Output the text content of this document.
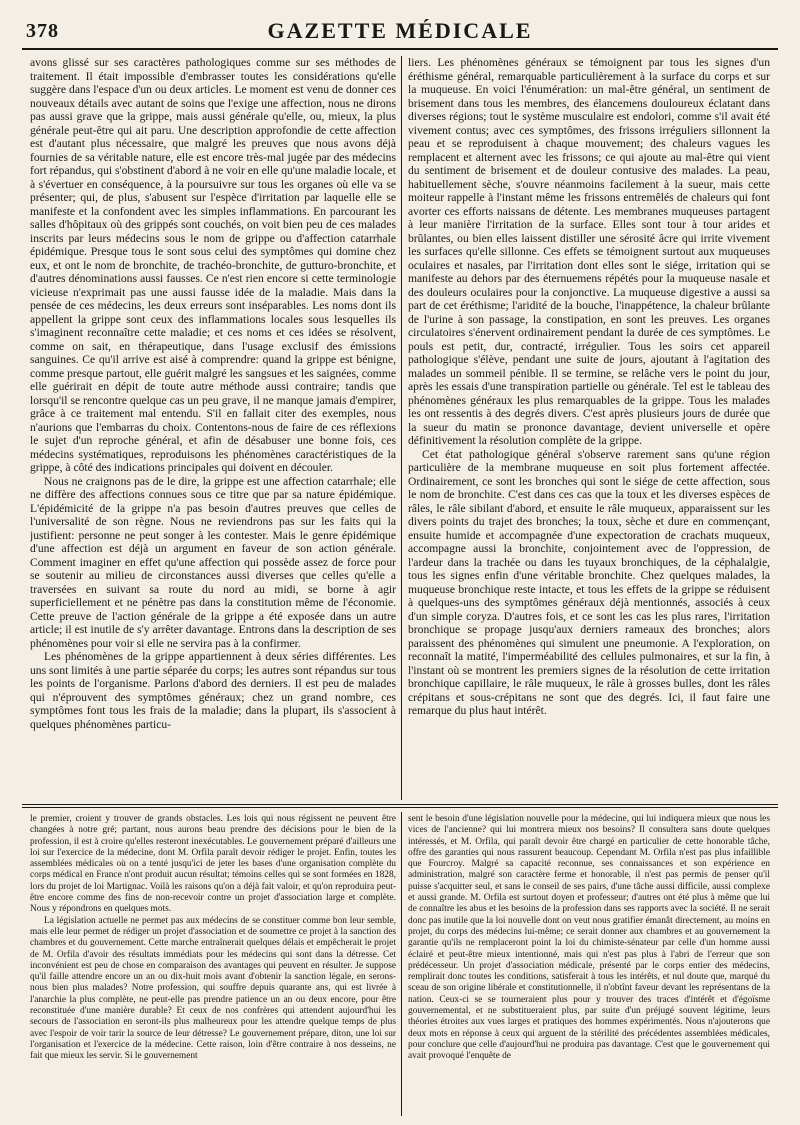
378	GAZETTE MÉDICALE

avons glissé sur ses caractères pathologiques comme sur ses méthodes de traitement. Il était impossible d'embrasser toutes les considérations qu'elle suggère dans l'espace d'un ou deux articles. Le moment est venu de donner ces nouveaux détails avec autant de soins que l'exige une affection, nous ne dirons pas aussi grave que la grippe, mais aussi générale qu'elle, ou, mieux, la plus générale peut-être qui ait paru. Une description approfondie de cette affection est d'autant plus nécessaire, que malgré les preuves que nous avons déjà fournies de sa véritable nature, elle est encore très-mal jugée par des médecins fort répandus, qui s'obstinent d'abord à ne voir en elle qu'une maladie locale, et à s'évertuer en conséquence, à la poursuivre sur tous les organes où elle va se présenter; qui, de plus, s'abusent sur l'espèce d'irritation par laquelle elle se manifeste et la confondent avec les simples inflammations. En parcourant les salles d'hôpitaux où des grippés sont couchés, on voit bien peu de ces malades inscrits par leurs médecins sous le nom de grippe ou d'affection catarrhale épidémique. Presque tous le sont sous celui des symptômes qui domine chez eux, et ont le nom de bronchite, de trachéo-bronchite, de gutturo-bronchite, et d'autres dénominations aussi fausses. Ce n'est rien encore si cette terminologie vicieuse n'exprimait pas une aussi fausse idée de la maladie. Mais dans la pensée de ces médecins, les deux erreurs sont inséparables. Les noms dont ils appellent la grippe sont ceux des inflammations locales sous lesquelles ils s'imaginent reconnaître cette maladie; et ces noms et ces idées se résolvent, comme on sait, en thérapeutique, dans l'usage exclusif des émissions sanguines. Ce qu'il arrive est aisé à comprendre: quand la grippe est bénigne, comme presque partout, elle guérit malgré les sangsues et les saignées, comme elle guérirait en dépit de toute autre méthode aussi contraire; tandis que lorsqu'il se rencontre quelque cas un peu grave, il ne manque jamais d'empirer, grâce à ce traitement mal entendu. S'il en fallait citer des exemples, nous n'aurions que l'embarras du choix. Contentons-nous de faire de ces réflexions le sujet d'un reproche général, et afin de désabuser une bonne fois, ces médecins systématiques, reproduisons les phénomènes caractéristiques de la grippe, à côté des indications principales qui doivent en découler.

Nous ne craignons pas de le dire, la grippe est une affection catarrhale; elle ne diffère des affections connues sous ce titre que par sa nature épidémique. L'épidémicité de la grippe n'a pas besoin d'autres preuves que celles de l'universalité de son règne. Nous ne reviendrons pas sur les faits qui la justifient: personne ne peut songer à les contester. Mais le genre épidémique d'une affection est déjà un argument en faveur de son action générale. Comment imaginer en effet qu'une affection qui possède assez de force pour se soutenir au milieu de circonstances aussi diverses que celles qu'elle a traversées en suivant sa route du nord au midi, se borne à agir superficiellement et ne pénètre pas dans la constitution même de l'économie. Cette preuve de l'action générale de la grippe a été exposée dans un autre article; il est inutile de s'y arrêter davantage. Entrons dans la description de ses phénomènes pour voir si elle ne servira pas à la confirmer.

Les phénomènes de la grippe appartiennent à deux séries différentes. Les uns sont limités à une partie séparée du corps; les autres sont répandus sur tous les points de l'organisme. Parlons d'abord des derniers. Il est peu de malades qui n'éprouvent des symptômes généraux; chez un grand nombre, ces symptômes font tous les frais de la maladie; dans la plupart, ils s'associent à quelques phénomènes particu-

liers. Les phénomènes généraux se témoignent par tous les signes d'un éréthisme général, remarquable particulièrement à la surface du corps et sur la muqueuse. En voici l'énumération: un mal-être général, un sentiment de brisement dans tous les membres, des élancemens douloureux éclatant dans diverses régions; tout le système musculaire est endolori, comme s'il avait été vivement contus; avec ces symptômes, des frissons irréguliers sillonnent la peau et se reproduisent à chaque mouvement; des chaleurs vagues les remplacent et alternent avec les frissons; ce qui ajoute au mal-être qui vient du sentiment de brisement et de douleur contusive des malades. La peau, habituellement sèche, s'ouvre néanmoins facilement à la sueur, mais cette moiteur rappelle à l'instant même les frissons entremêlés de chaleurs qui font avorter ces efforts naissans de détente. Les membranes muqueuses partagent à leur manière l'irritation de la surface. Elles sont tour à tour arides et brûlantes, ou bien elles laissent distiller une sérosité âcre qui irrite vivement les surfaces qu'elle sillonne. Ces effets se témoignent surtout aux muqueuses oculaires et nasales, par l'irritation dont elles sont le siége, irritation qui se manifeste au dehors par des éternuemens répétés pour la muqueuse nasale et des douleurs oculaires pour la conjonctive. La muqueuse digestive a aussi sa part de cet éréthisme; l'aridité de la bouche, l'inappétence, la chaleur brûlante de l'urine à son passage, la constipation, en sont les preuves. Les organes circulatoires s'énervent ordinairement pendant la durée de ces symptômes. Le pouls est petit, dur, contracté, irrégulier. Tous les soirs cet appareil pathologique s'élève, pendant une suite de jours, ajoutant à l'agitation des malades un sommeil pénible. Il se termine, se relâche vers le point du jour, après les essais d'une transpiration partielle ou générale. Tel est le tableau des phénomènes généraux les plus remarquables de la grippe. Tous les malades les ont ressentis à des degrés divers. C'est après plusieurs jours de durée que la sueur du matin se prononce davantage, devient universelle et opère définitivement la résolution complète de la grippe.

Cet état pathologique général s'observe rarement sans qu'une région particulière de la membrane muqueuse en soit plus fortement affectée. Ordinairement, ce sont les bronches qui sont le siége de cette affection, sous le nom de bronchite. C'est dans ces cas que la toux et les diverses espèces de râles, le râle sibilant d'abord, et ensuite le râle muqueux, apparaissent sur les divers points du trajet des bronches; la toux, sèche et dure en commençant, ensuite humide et accompagnée d'une expectoration de crachats muqueux, accompagne aussi la bronchite, conjointement avec de l'oppression, de l'ardeur dans la trachée ou dans les tuyaux bronchiques, de la céphalalgie, tous les signes enfin d'une véritable bronchite. Chez quelques malades, la muqueuse bronchique reste intacte, et tous les effets de la grippe se réduisent à quelques-uns des symptômes généraux déjà mentionnés, associés à ceux d'un simple coryza. D'autres fois, et ce sont les cas les plus rares, l'irritation bronchique se propage jusqu'aux derniers rameaux des bronches; alors paraissent des phénomènes qui simulent une pneumonie. A l'exploration, on reconnaît la matité, l'imperméabilité des cellules pulmonaires, et sur la fin, à l'instant où se montrent les premiers signes de la résolution de cette irritation bronchique capillaire, le râle muqueux, le râle à grosses bulles, dont les râles crépitans et sous-crépitans ne sont que des degrés. Ici, il faut faire une remarque du plus haut intérêt.

le premier, croient y trouver de grands obstacles. Les lois qui nous régissent ne peuvent être changées à notre gré; partant, nous aurons beau prendre des décisions pour le bien de la profession, il est à croire qu'elles resteront inexécutables. Le gouvernement préparé d'ailleurs une loi sur l'exercice de la médecine, dont M. Orfila paraît devoir rédiger le projet. Enfin, toutes les assemblées médicales où on a tenté jusqu'ici de jeter les bases d'une organisation complète du corps médical en France n'ont produit aucun résultat; témoins celles qui se sont formées en 1828, lors du projet de loi Martignac. Voilà les raisons qu'on a déjà fait valoir, et qu'on reproduira peut-être encore comme des fins de non-recevoir contre un projet d'association large et complète. Nous y répondrons en quelques mots.

La législation actuelle ne permet pas aux médecins de se constituer comme bon leur semble, mais elle leur permet de rédiger un projet d'association et de soumettre ce projet à la sanction des chambres et du gouvernement. Cette marche entraînerait quelques délais et empêcherait le projet de M. Orfila d'avoir des résultats immédiats pour les médecins qui sont dans la détresse. Cet inconvénient est peu de chose en comparaison des avantages qui peuvent en résulter. Je suppose qu'il faille attendre encore un an ou dix-huit mois avant d'obtenir la sanction légale, en serons-nous bien plus malades? Notre profession, qui souffre depuis quarante ans, qui est livrée à l'anarchie la plus complète, ne peut-elle pas prendre patience un an ou deux encore, pour être reconstituée d'une manière durable? Et ceux de nos confrères qui attendent aujourd'hui les secours de l'association en seront-ils plus malheureux pour les attendre quelque temps de plus avec l'espoir de voir tarir la source de leur détresse? Le gouvernement prépare, diton, une loi sur l'organisation et l'exercice de la médecine. Cette raison, loin d'être contraire à nos desseins, ne fait que mieux les servir. Si le gouvernement

sent le besoin d'une législation nouvelle pour la médecine, qui lui indiquera mieux que nous les vices de l'ancienne? qui lui montrera mieux nos besoins? Il consultera sans doute quelques intéressés, et M. Orfila, qui paraît devoir être chargé en particulier de cette honorable tâche, offre des garanties qui nous rassurent beaucoup. Cependant M. Orfila n'est pas plus infaillible que Fourcroy. Malgré sa capacité reconnue, ses connaissances et son expérience en administration, malgré son caractère ferme et honorable, il n'est pas permis de penser qu'il puisse s'acquitter seul, et sans le conseil de ses pairs, d'une tâche aussi difficile, aussi complexe et aussi grande. M. Orfila est surtout doyen et professeur; d'autres ont été plus à même que lui de connaître les abus et les besoins de la profession dans ses rapports avec la société. Il ne serait donc pas inutile que la loi nouvelle dont on veut nous gratifier émanât directement, au moins en projet, du corps des médecins lui-même; ce serait donner aux chambres et au gouvernement la garantie qu'ils ne remplaceront point la loi du chimiste-sénateur par celle d'un homme aussi éclairé et peut-être mieux intentionné, mais qui n'est pas plus à l'abri de l'erreur que son prédécesseur. Un projet d'association médicale, présenté par le corps entier des médecins, remplirait donc toutes les conditions, satisferait à tous les intérêts, et nul doute que, marqué du sceau de son origine libérale et constitutionnelle, il n'obtînt faveur devant les représentans de la nation. Ceux-ci se se tourneraient plus pour y trouver des traces d'intérêt et d'égoïsme gouvernemental, et ne substitueraient plus, par suite d'un préjugé souvent légitime, leurs théories étroites aux vues larges et pratiques des hommes expérimentés. Nous n'ajouterons que deux mots en réponse à ceux qui arguent de la stérilité des précédentes assemblées médicales, pour conclure que celle d'aujourd'hui ne produira pas davantage. C'est que le gouvernement qui avait provoqué l'enquête de
